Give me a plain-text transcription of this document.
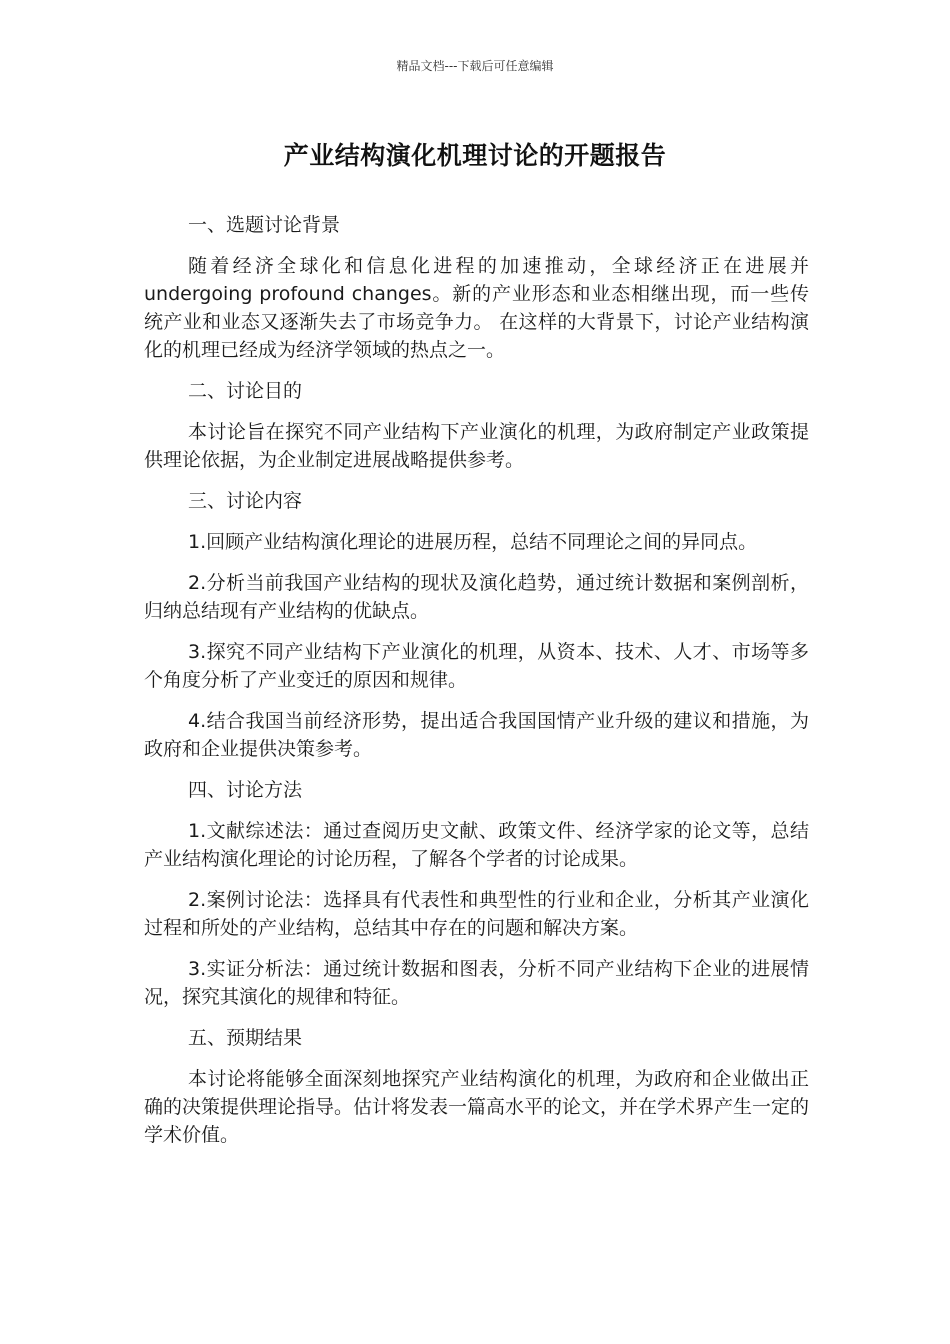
精品文档---下载后可任意编辑
产业结构演化机理讨论的开题报告
一、选题讨论背景
随着经济全球化和信息化进程的加速推动，全球经济正在进展并undergoing profound changes。新的产业形态和业态相继出现，而一些传统产业和业态又逐渐失去了市场竞争力。 在这样的大背景下，讨论产业结构演化的机理已经成为经济学领域的热点之一。
二、讨论目的
本讨论旨在探究不同产业结构下产业演化的机理，为政府制定产业政策提供理论依据，为企业制定进展战略提供参考。
三、讨论内容
1.回顾产业结构演化理论的进展历程，总结不同理论之间的异同点。
2.分析当前我国产业结构的现状及演化趋势，通过统计数据和案例剖析，归纳总结现有产业结构的优缺点。
3.探究不同产业结构下产业演化的机理，从资本、技术、人才、市场等多个角度分析了产业变迁的原因和规律。
4.结合我国当前经济形势，提出适合我国国情产业升级的建议和措施，为政府和企业提供决策参考。
四、讨论方法
1.文献综述法：通过查阅历史文献、政策文件、经济学家的论文等，总结产业结构演化理论的讨论历程，了解各个学者的讨论成果。
2.案例讨论法：选择具有代表性和典型性的行业和企业，分析其产业演化过程和所处的产业结构，总结其中存在的问题和解决方案。
3.实证分析法：通过统计数据和图表，分析不同产业结构下企业的进展情况，探究其演化的规律和特征。
五、预期结果
本讨论将能够全面深刻地探究产业结构演化的机理，为政府和企业做出正确的决策提供理论指导。估计将发表一篇高水平的论文，并在学术界产生一定的学术价值。
